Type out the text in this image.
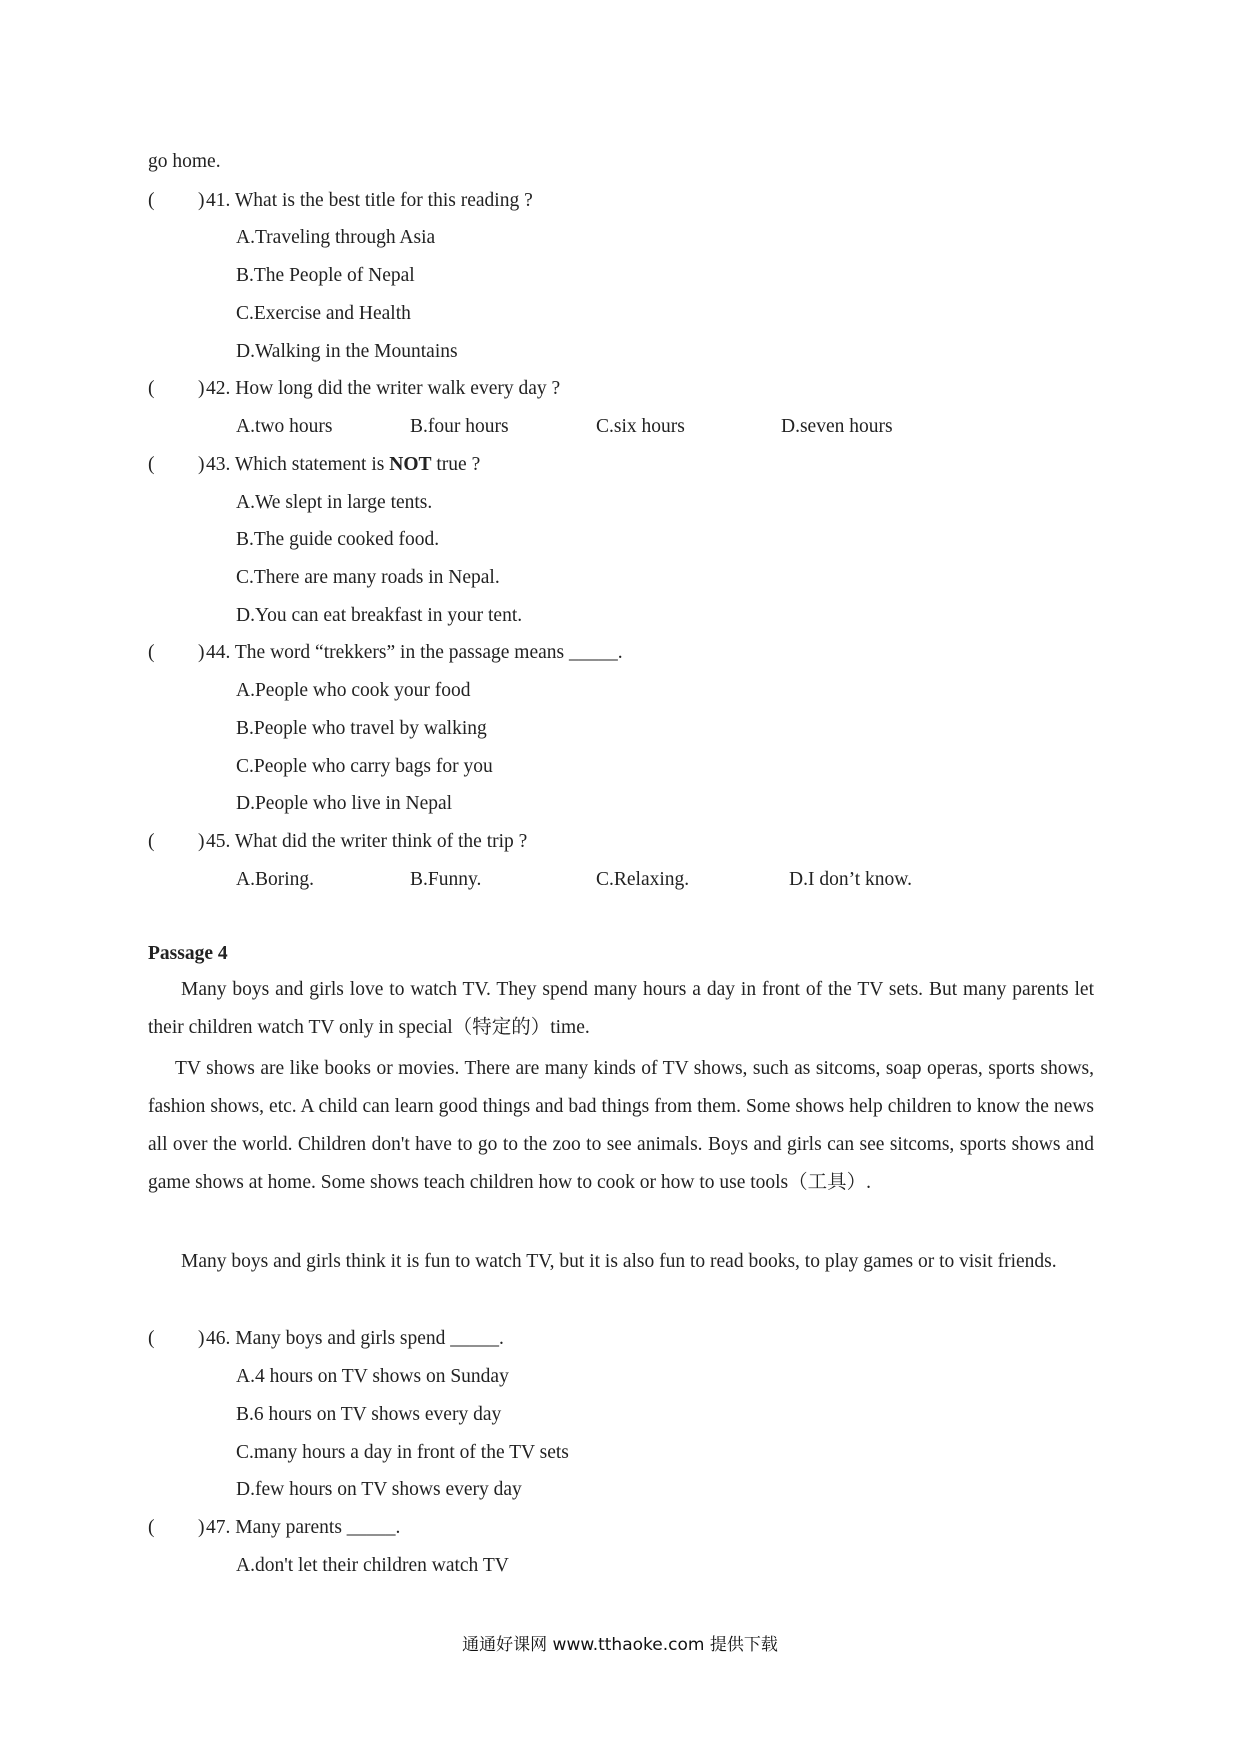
go home.
( ) 41. What is the best title for this reading ?
A.Traveling through Asia
B.The People of Nepal
C.Exercise and Health
D.Walking in the Mountains
( ) 42. How long did the writer walk every day ?
A.two hours	B.four hours	C.six hours	D.seven hours
( ) 43. Which statement is NOT true ?
A.We slept in large tents.
B.The guide cooked food.
C.There are many roads in Nepal.
D.You can eat breakfast in your tent.
( ) 44. The word “trekkers” in the passage means _____.
A.People who cook your food
B.People who travel by walking
C.People who carry bags for you
D.People who live in Nepal
( ) 45. What did the writer think of the trip ?
A.Boring.	B.Funny.	C.Relaxing.	D.I don’t know.
Passage 4
Many boys and girls love to watch TV. They spend many hours a day in front of the TV sets. But many parents let their children watch TV only in special（特定的）time.
TV shows are like books or movies. There are many kinds of TV shows, such as sitcoms, soap operas, sports shows, fashion shows, etc. A child can learn good things and bad things from them. Some shows help children to know the news all over the world. Children don't have to go to the zoo to see animals. Boys and girls can see sitcoms, sports shows and game shows at home. Some shows teach children how to cook or how to use tools（工具）.
Many boys and girls think it is fun to watch TV, but it is also fun to read books, to play games or to visit friends.
( ) 46. Many boys and girls spend _____.
A.4 hours on TV shows on Sunday
B.6 hours on TV shows every day
C.many hours a day in front of the TV sets
D.few hours on TV shows every day
( ) 47. Many parents _____.
A.don't let their children watch TV
通通好课网 www.tthaoke.com 提供下载
